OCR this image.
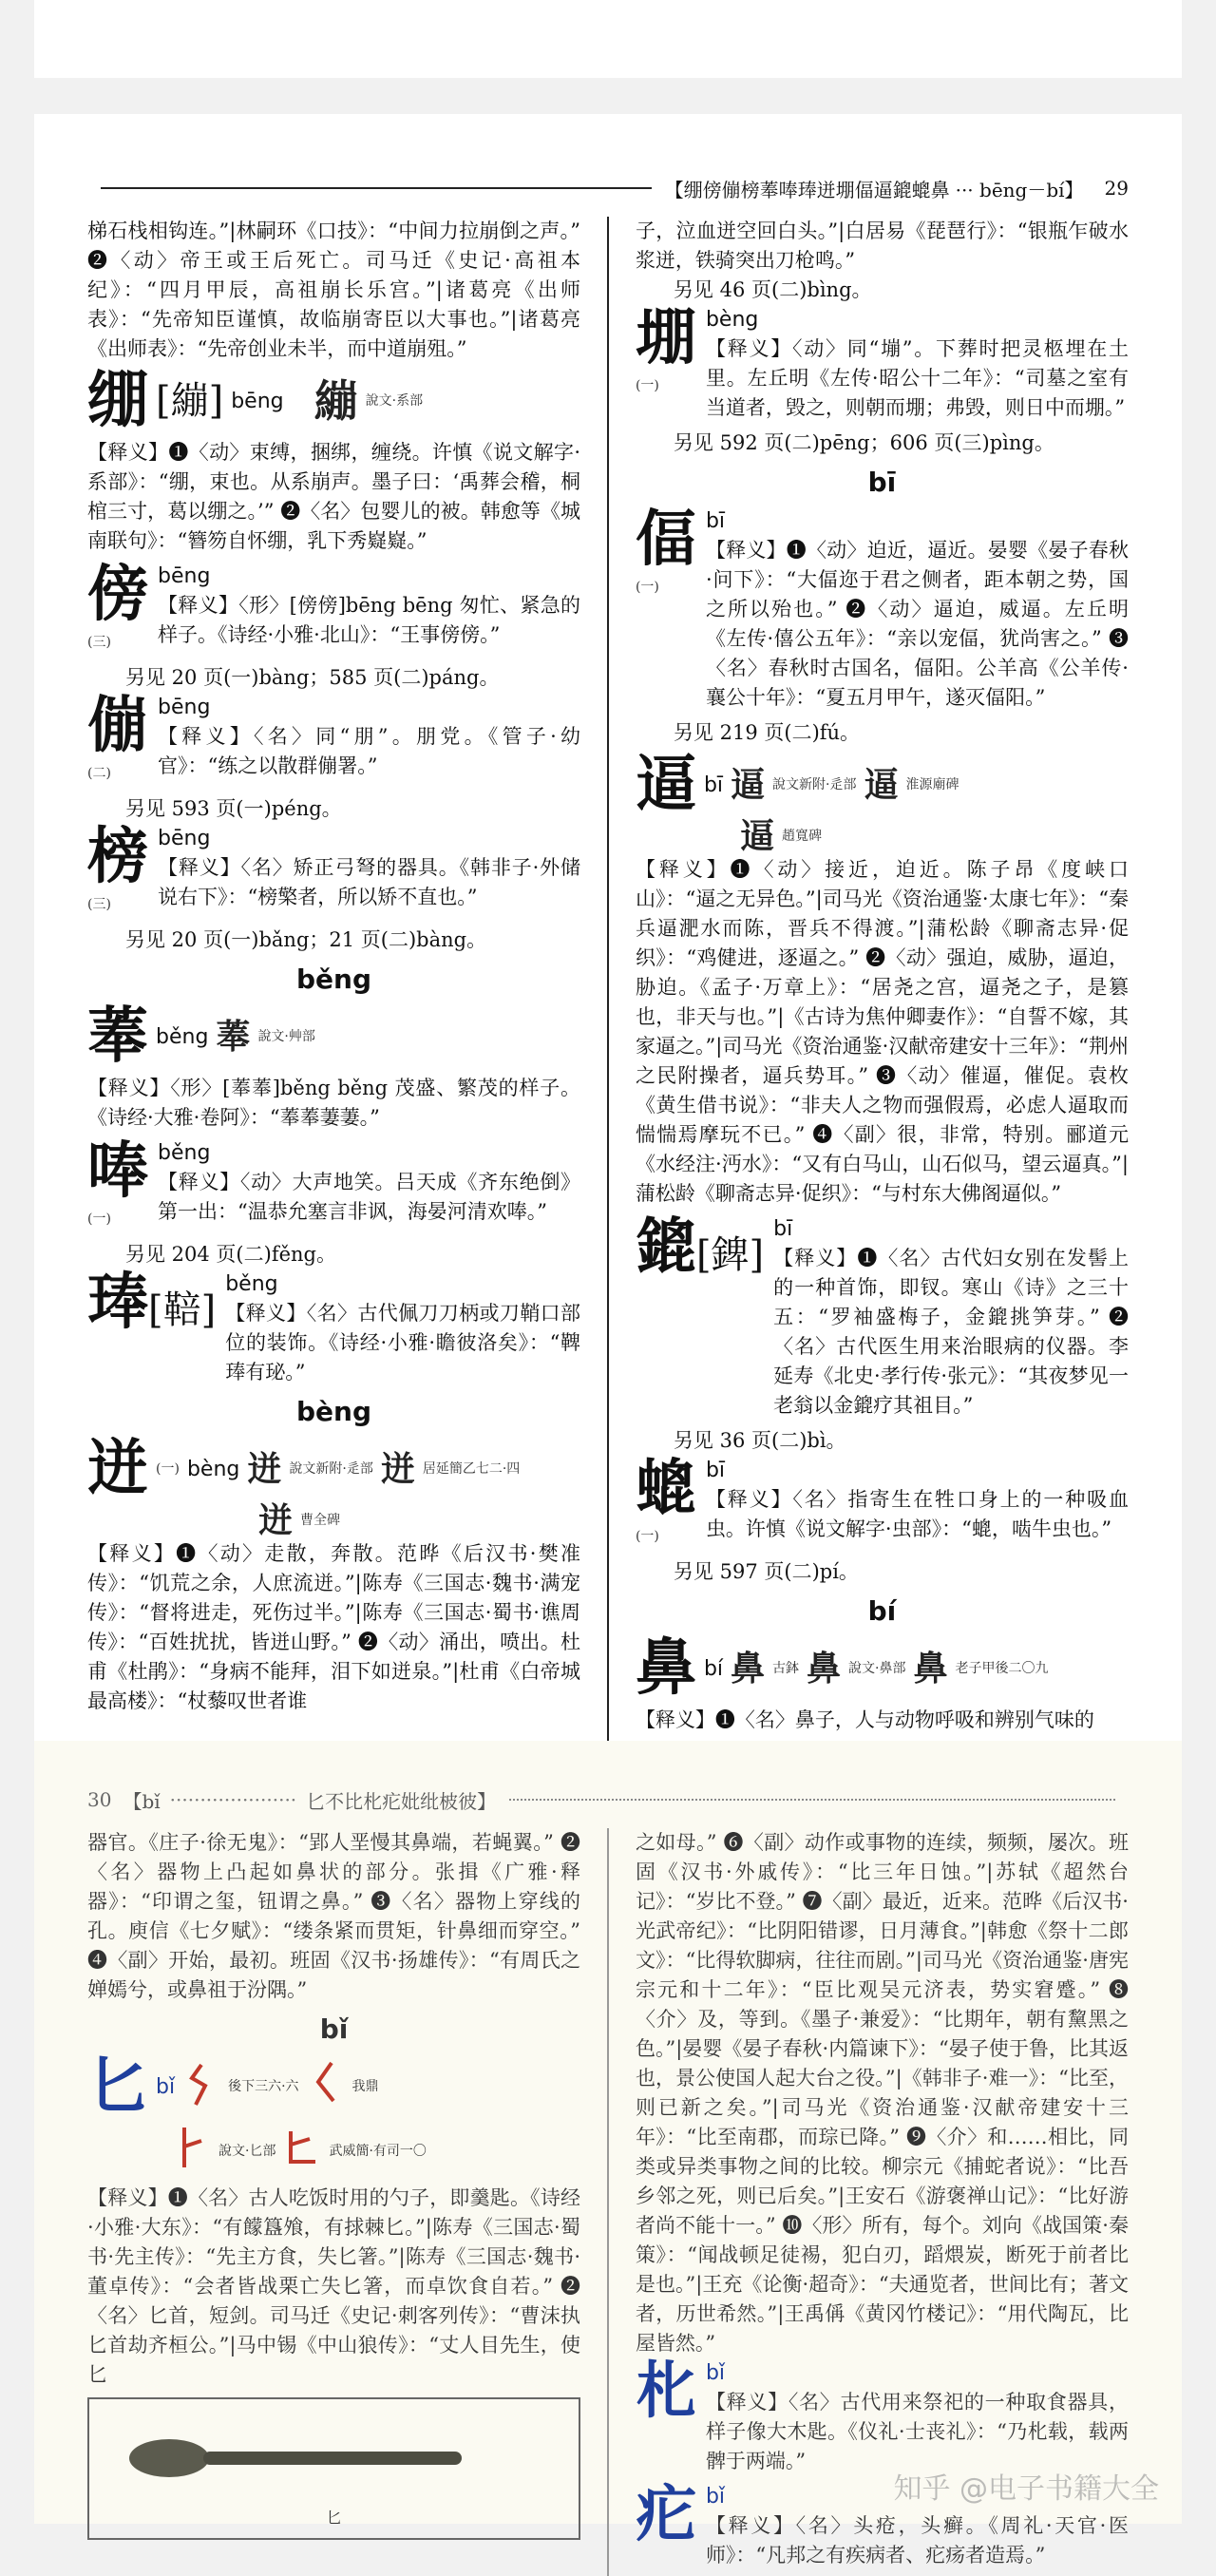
【绷傍傰榜菶唪琫迸堋偪逼鎞螕鼻 ··· bēng－bí】 29

梯石栈相钩连。”|林嗣环《口技》：“中间力拉崩倒之声。” ❷〈动〉帝王或王后死亡。司马迁《史记·高祖本纪》：“四月甲辰，高祖崩长乐宫。”|诸葛亮《出师表》：“先帝知臣谨慎，故临崩寄臣以大事也。”|诸葛亮《出师表》：“先帝创业未半，而中道崩殂。”

绷 [繃] bēng 繃 說文·系部

【释义】❶〈动〉束缚，捆绑，缠绕。许慎《说文解字·系部》：“绷，束也。从系崩声。墨子曰：‘禹葬会稽，桐棺三寸，葛以绷之。’” ❷〈名〉包婴儿的被。韩愈等《城南联句》：“簪笏自怀绷，乳下秀嶷嶷。”

傍
(三)
bēng

【释义】〈形〉[傍傍]bēng bēng 匆忙、紧急的样子。《诗经·小雅·北山》：“王事傍傍。”

另见 20 页(一)bàng；585 页(二)páng。

傰
(二)
bēng

【释义】〈名〉同“朋”。朋党。《管子·幼官》：“练之以散群傰署。”

另见 593 页(一)péng。

榜
(三)
bēng

【释义】〈名〉矫正弓弩的器具。《韩非子·外储说右下》：“榜檠者，所以矫不直也。”

另见 20 页(一)bǎng；21 页(二)bàng。

běng
菶 běng 菶 說文·艸部

【释义】〈形〉[菶菶]běng běng 茂盛、繁茂的样子。《诗经·大雅·卷阿》：“菶菶萋萋。”

唪
(一)
běng

【释义】〈动〉大声地笑。吕天成《齐东绝倒》第一出：“温恭允塞言非讽，海晏河清欢唪。”

另见 204 页(二)fěng。

琫[鞛]
běng

【释义】〈名〉古代佩刀刀柄或刀鞘口部位的装饰。《诗经·小雅·瞻彼洛矣》：“鞞琫有珌。”

bèng
迸 (一) bèng 迸 說文新附·辵部 迸 居延簡乙七二·四
迸 曹全碑

【释义】❶〈动〉走散，奔散。范晔《后汉书·樊准传》：“饥荒之余，人庶流迸。”|陈寿《三国志·魏书·满宠传》：“督将进走，死伤过半。”|陈寿《三国志·蜀书·谯周传》：“百姓扰扰，皆迸山野。” ❷〈动〉涌出，喷出。杜甫《杜鹃》：“身病不能拜，泪下如迸泉。”|杜甫《白帝城最高楼》：“杖藜叹世者谁

子，泣血迸空回白头。”|白居易《琵琶行》：“银瓶乍破水浆迸，铁骑突出刀枪鸣。”

另见 46 页(二)bìng。

堋
(一)
bèng

【释义】〈动〉同“塴”。下葬时把灵柩埋在土里。左丘明《左传·昭公十二年》：“司墓之室有当道者，毁之，则朝而堋；弗毁，则日中而堋。”

另见 592 页(二)pēng；606 页(三)pìng。

bī
偪
(一)
bī

【释义】❶〈动〉迫近，逼近。晏婴《晏子春秋·问下》：“大偪迩于君之侧者，距本朝之势，国之所以殆也。” ❷〈动〉逼迫，威逼。左丘明《左传·僖公五年》：“亲以宠偪，犹尚害之。” ❸〈名〉春秋时古国名，偪阳。公羊高《公羊传·襄公十年》：“夏五月甲午，遂灭偪阳。”

另见 219 页(二)fú。

逼 bī 逼 說文新附·辵部 逼 淮源廟碑
逼 趙寬碑

【释义】❶〈动〉接近，迫近。陈子昂《度峡口山》：“逼之无异色。”|司马光《资治通鉴·太康七年》：“秦兵逼淝水而陈，晋兵不得渡。”|蒲松龄《聊斋志异·促织》：“鸡健进，逐逼之。” ❷〈动〉强迫，威胁，逼迫，胁迫。《孟子·万章上》：“居尧之宫，逼尧之子，是篡也，非天与也。”|《古诗为焦仲卿妻作》：“自誓不嫁，其家逼之。”|司马光《资治通鉴·汉献帝建安十三年》：“荆州之民附操者，逼兵势耳。” ❸〈动〉催逼，催促。袁枚《黄生借书说》：“非夫人之物而强假焉，必虑人逼取而惴惴焉摩玩不已。” ❹〈副〉很，非常，特别。郦道元《水经注·沔水》：“又有白马山，山石似马，望云逼真。”|蒲松龄《聊斋志异·促织》：“与村东大佛阁逼似。”

鎞[錍]
bī

【释义】❶〈名〉古代妇女别在发髻上的一种首饰，即钗。寒山《诗》之三十五：“罗袖盛梅子，金鎞挑笋芽。” ❷〈名〉古代医生用来治眼病的仪器。李延寿《北史·孝行传·张元》：“其夜梦见一老翁以金鎞疗其祖目。”

另见 36 页(二)bì。

螕
(一)
bī

【释义】〈名〉指寄生在牲口身上的一种吸血虫。许慎《说文解字·虫部》：“螕，啮牛虫也。”

另见 597 页(二)pí。

bí
鼻 bí 鼻 古鉢 鼻 說文·鼻部 鼻 老子甲後二〇九

【释义】❶〈名〉鼻子，人与动物呼吸和辨别气味的

30 【bǐ ····················· 匕不比朼疕妣纰柀彼】

器官。《庄子·徐无鬼》：“郢人垩慢其鼻端，若蝇翼。” ❷〈名〉器物上凸起如鼻状的部分。张揖《广雅·释器》：“印谓之玺，钮谓之鼻。” ❸〈名〉器物上穿线的孔。庾信《七夕赋》：“缕条紧而贯矩，针鼻细而穿空。” ❹〈副〉开始，最初。班固《汉书·扬雄传》：“有周氏之婵嫣兮，或鼻祖于汾隅。”

bǐ
匕 bǐ	後下三六·六	我鼎
說文·匕部	武威簡·有司一〇

【释义】❶〈名〉古人吃饭时用的勺子，即羹匙。《诗经·小雅·大东》：“有饛簋飧，有捄棘匕。”|陈寿《三国志·蜀书·先主传》：“先主方食，失匕箸。”|陈寿《三国志·魏书·董卓传》：“会者皆战栗亡失匕箸，而卓饮食自若。” ❷〈名〉匕首，短剑。司马迁《史记·刺客列传》：“曹沫执匕首劫齐桓公。”|马中锡《中山狼传》：“丈人目先生，使匕

匕

之如母。” ❻〈副〉动作或事物的连续，频频，屡次。班固《汉书·外戚传》：“比三年日蚀。”|苏轼《超然台记》：“岁比不登。” ❼〈副〉最近，近来。范晔《后汉书·光武帝纪》：“比阴阳错谬，日月薄食。”|韩愈《祭十二郎文》：“比得软脚病，往往而剧。”|司马光《资治通鉴·唐宪宗元和十二年》：“臣比观吴元济表，势实窘蹙。” ❽〈介〉及，等到。《墨子·兼爱》：“比期年，朝有黧黑之色。”|晏婴《晏子春秋·内篇谏下》：“晏子使于鲁，比其返也，景公使国人起大台之役。”|《韩非子·难一》：“比至，则已新之矣。”|司马光《资治通鉴·汉献帝建安十三年》：“比至南郡，而琮已降。” ❾〈介〉和……相比，同类或异类事物之间的比较。柳宗元《捕蛇者说》：“比吾乡邻之死，则已后矣。”|王安石《游褒禅山记》：“比好游者尚不能十一。” ❿〈形〉所有，每个。刘向《战国策·秦策》：“闻战顿足徒裼，犯白刃，蹈煨炭，断死于前者比是也。”|王充《论衡·超奇》：“夫通览者，世间比有；著文者，历世希然。”|王禹偁《黄冈竹楼记》：“用代陶瓦，比屋皆然。”

朼 bǐ

【释义】〈名〉古代用来祭祀的一种取食器具，样子像大木匙。《仪礼·士丧礼》：“乃朼载，载两髀于两端。”

疕 bǐ

【释义】〈名〉头疮，头癣。《周礼·天官·医师》：“凡邦之有疾病者、疕疡者造焉。”

知乎 @电子书籍大全
